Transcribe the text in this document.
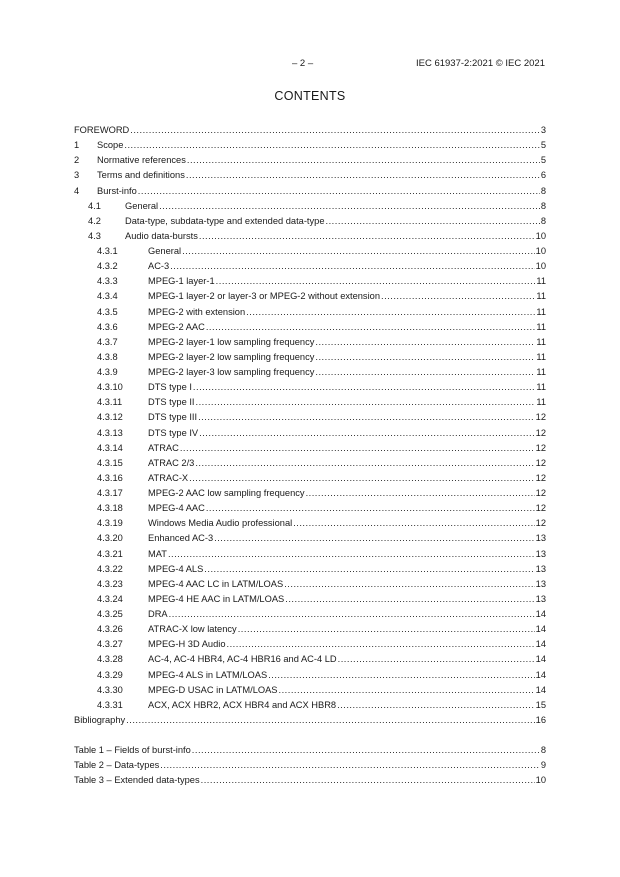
– 2 –	IEC 61937-2:2021 © IEC 2021
CONTENTS
FOREWORD .....	3
1 Scope .....	5
2 Normative references .....	5
3 Terms and definitions .....	6
4 Burst-info .....	8
4.1	General .....	8
4.2	Data-type, subdata-type and extended data-type .....	8
4.3	Audio data-bursts .....	10
4.3.1	General .....	10
4.3.2	AC-3 .....	10
4.3.3	MPEG-1 layer-1 .....	11
4.3.4	MPEG-1 layer-2 or layer-3 or MPEG-2 without extension .....	11
4.3.5	MPEG-2 with extension .....	11
4.3.6	MPEG-2 AAC .....	11
4.3.7	MPEG-2 layer-1 low sampling frequency .....	11
4.3.8	MPEG-2 layer-2 low sampling frequency .....	11
4.3.9	MPEG-2 layer-3 low sampling frequency .....	11
4.3.10	DTS type I .....	11
4.3.11	DTS type II .....	11
4.3.12	DTS type III .....	12
4.3.13	DTS type IV .....	12
4.3.14	ATRAC .....	12
4.3.15	ATRAC 2/3 .....	12
4.3.16	ATRAC-X .....	12
4.3.17	MPEG-2 AAC low sampling frequency .....	12
4.3.18	MPEG-4 AAC .....	12
4.3.19	Windows Media Audio professional .....	12
4.3.20	Enhanced AC-3 .....	13
4.3.21	MAT .....	13
4.3.22	MPEG-4 ALS .....	13
4.3.23	MPEG-4 AAC LC in LATM/LOAS .....	13
4.3.24	MPEG-4 HE AAC in LATM/LOAS .....	13
4.3.25	DRA .....	14
4.3.26	ATRAC-X low latency .....	14
4.3.27	MPEG-H 3D Audio .....	14
4.3.28	AC-4, AC-4 HBR4, AC-4 HBR16 and AC-4 LD .....	14
4.3.29	MPEG-4 ALS in LATM/LOAS .....	14
4.3.30	MPEG-D USAC in LATM/LOAS .....	14
4.3.31	ACX, ACX HBR2, ACX HBR4 and ACX HBR8 .....	15
Bibliography .....	16
Table 1 – Fields of burst-info .....	8
Table 2 – Data-types .....	9
Table 3 – Extended data-types .....	10
